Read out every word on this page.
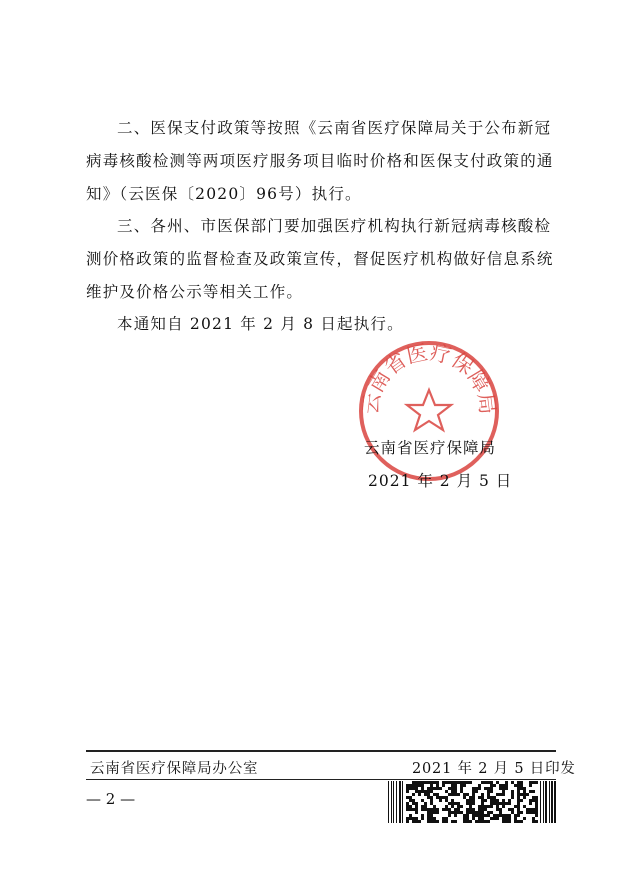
二、医保支付政策等按照《云南省医疗保障局关于公布新冠病毒核酸检测等两项医疗服务项目临时价格和医保支付政策的通知》（云医保〔2020〕96号）执行。

三、各州、市医保部门要加强医疗机构执行新冠病毒核酸检测价格政策的监督检查及政策宣传，督促医疗机构做好信息系统维护及价格公示等相关工作。

本通知自 2021 年 2 月 8 日起执行。

云南省医疗保障局
云南省医疗保障局
2021 年 2 月 5 日
云南省医疗保障局办公室	2021 年 2 月 5 日印发
— 2 —
